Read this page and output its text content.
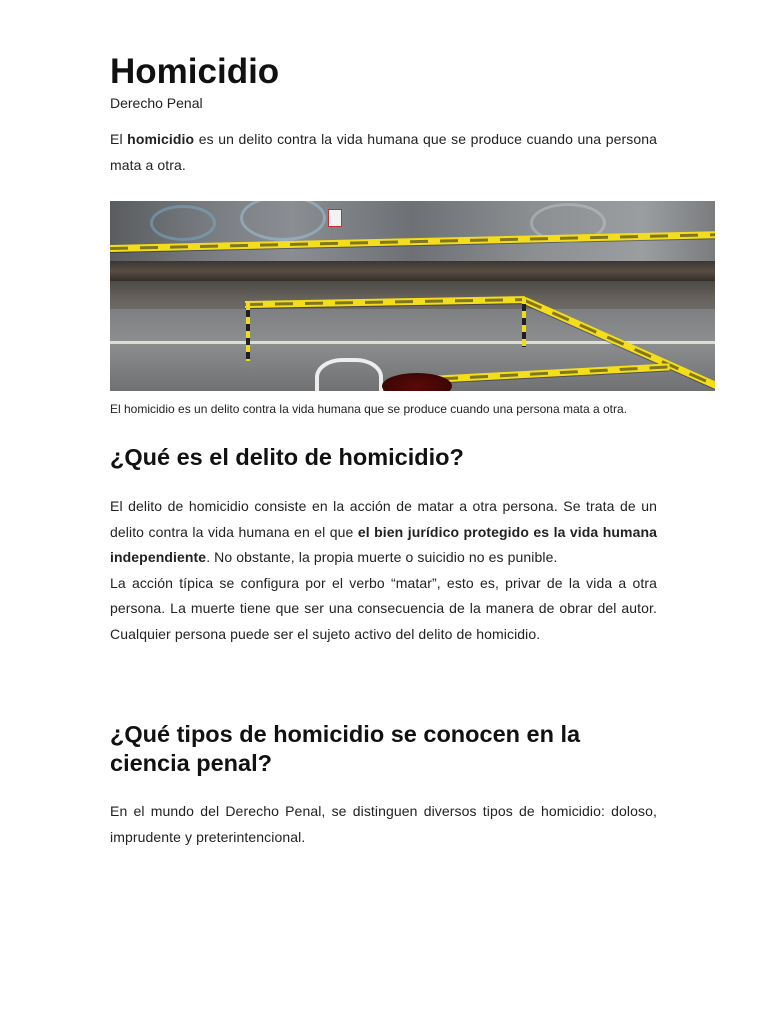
Homicidio
Derecho Penal

El homicidio es un delito contra la vida humana que se produce cuando una persona mata a otra.

El homicidio es un delito contra la vida humana que se produce cuando una persona mata a otra.

¿Qué es el delito de homicidio?

El delito de homicidio consiste en la acción de matar a otra persona. Se trata de un delito contra la vida humana en el que el bien jurídico protegido es la vida humana independiente. No obstante, la propia muerte o suicidio no es punible.

La acción típica se configura por el verbo “matar”, esto es, privar de la vida a otra persona. La muerte tiene que ser una consecuencia de la manera de obrar del autor. Cualquier persona puede ser el sujeto activo del delito de homicidio.

¿Qué tipos de homicidio se conocen en la ciencia penal?

En el mundo del Derecho Penal, se distinguen diversos tipos de homicidio: doloso, imprudente y preterintencional.
